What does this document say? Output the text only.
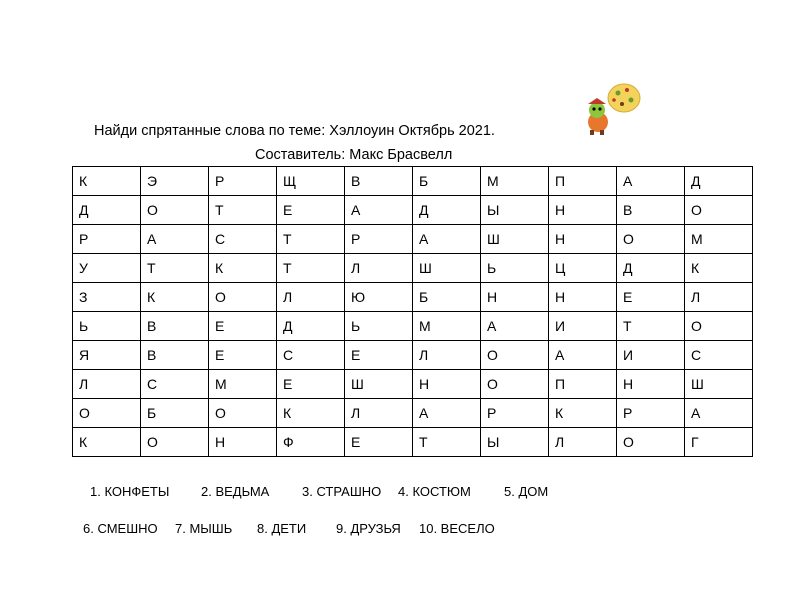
Найди спрятанные слова по теме: Хэллоуин Октябрь 2021.
Составитель: Макс Брасвелл
К	Э	Р	Щ	В	Б	М	П	А	Д
Д	О	Т	Е	А	Д	Ы	Н	В	О
Р	А	С	Т	Р	А	Ш	Н	О	М
У	Т	К	Т	Л	Ш	Ь	Ц	Д	К
З	К	О	Л	Ю	Б	Н	Н	Е	Л
Ь	В	Е	Д	Ь	М	А	И	Т	О
Я	В	Е	С	Е	Л	О	А	И	С
Л	С	М	Е	Ш	Н	О	П	Н	Ш
О	Б	О	К	Л	А	Р	К	Р	А
К	О	Н	Ф	Е	Т	Ы	Л	О	Г
1. КОНФЕТЫ 2. ВЕДЬМА	3. СТРАШНО 4. КОСТЮМ	5. ДОМ
6. СМЕШНО 7. МЫШЬ 8. ДЕТИ 9. ДРУЗЬЯ 10. ВЕСЕЛО
